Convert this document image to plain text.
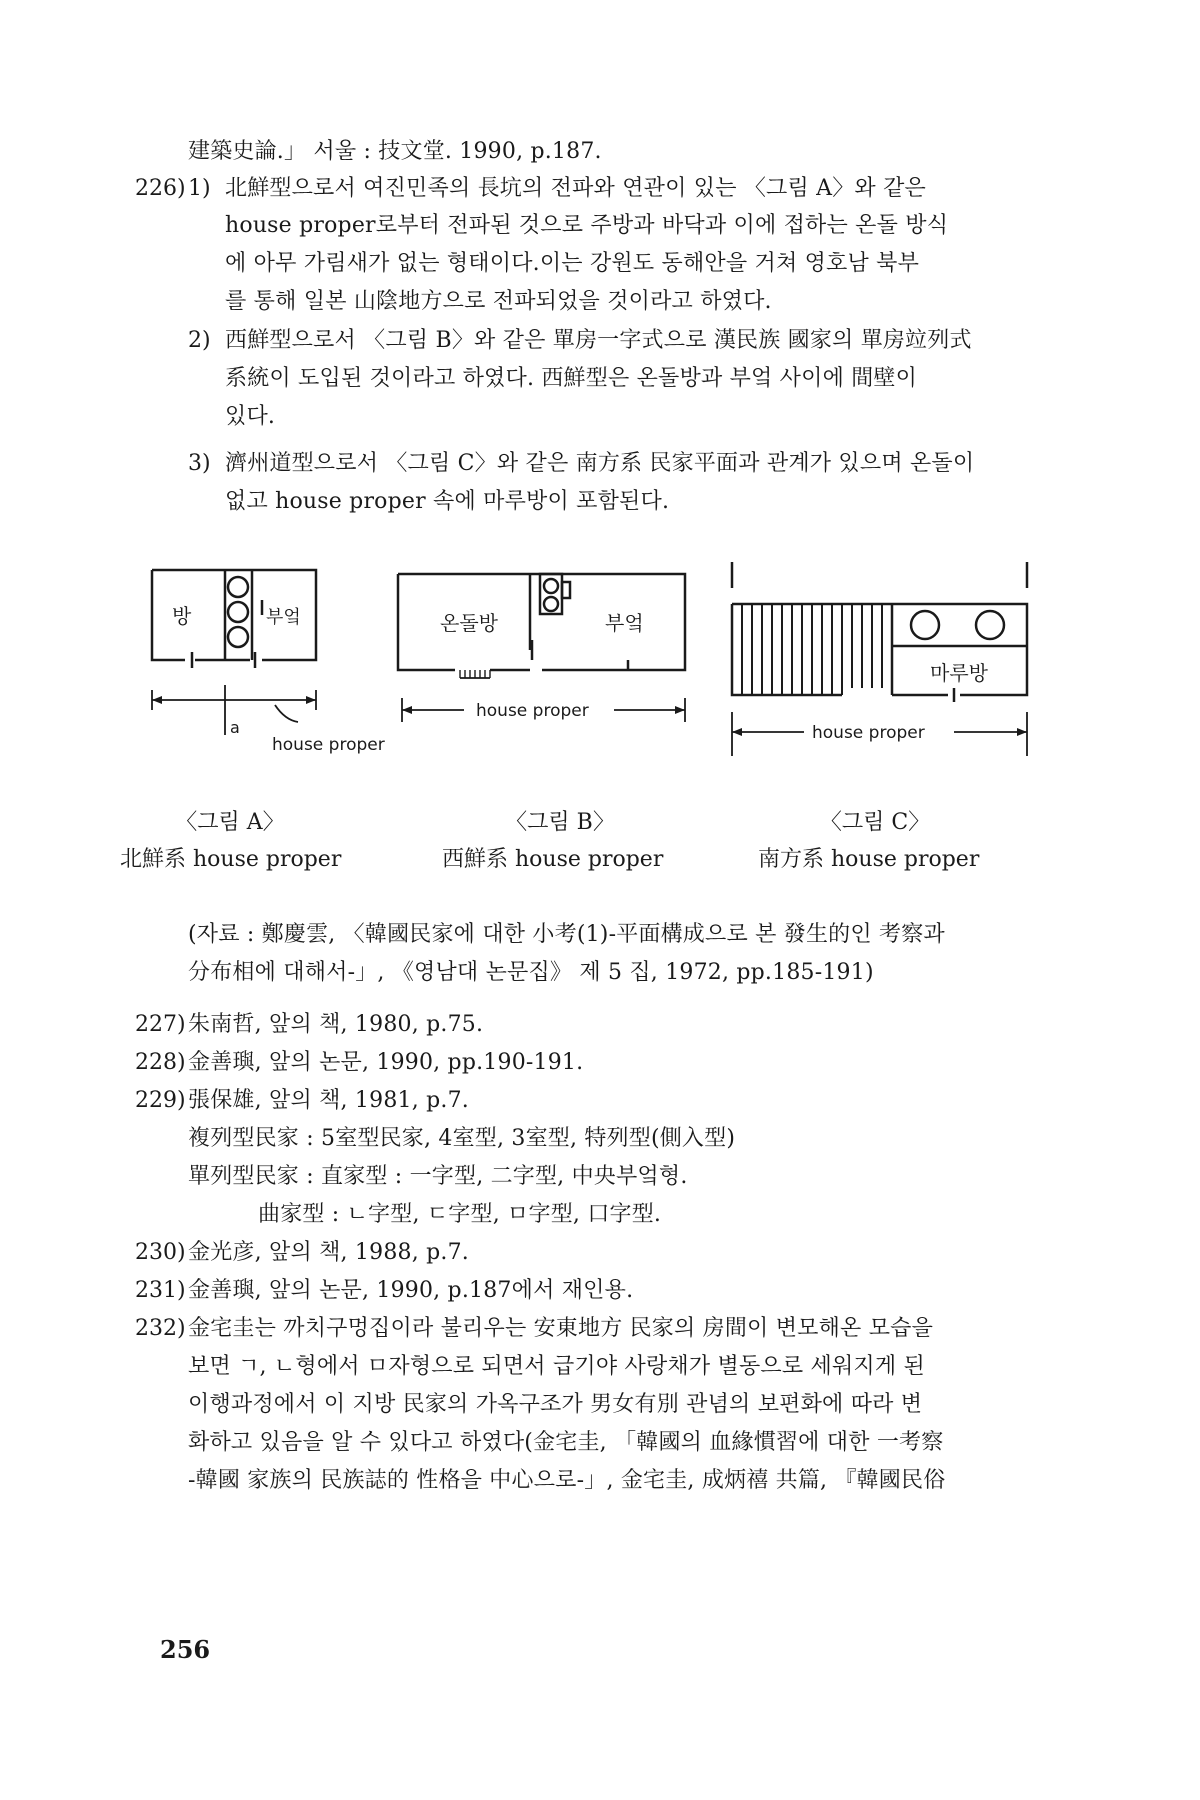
建築史論.」 서울 : 技文堂. 1990, p.187.
226) 1) 北鮮型으로서 여진민족의 長坑의 전파와 연관이 있는 〈그림 A〉와 같은
house proper로부터 전파된 것으로 주방과 바닥과 이에 접하는 온돌 방식
에 아무 가림새가 없는 형태이다.이는 강원도 동해안을 거쳐 영호남 북부
를 통해 일본 山陰地方으로 전파되었을 것이라고 하였다.
2) 西鮮型으로서 〈그림 B〉와 같은 單房一字式으로 漢民族 國家의 單房竝列式
系統이 도입된 것이라고 하였다. 西鮮型은 온돌방과 부엌 사이에 間壁이
있다.
3) 濟州道型으로서 〈그림 C〉와 같은 南方系 民家平面과 관계가 있으며 온돌이
없고 house proper 속에 마루방이 포함된다.
방	부엌
a
house proper
온돌방	부엌
house proper
마루방
house proper
〈그림 A〉
北鮮系 house proper
〈그림 B〉
西鮮系 house proper
〈그림 C〉
南方系 house proper
(자료 : 鄭慶雲, 〈韓國民家에 대한 小考(1)-平面構成으로 본 發生的인 考察과
分布相에 대해서-」, 《영남대 논문집》 제 5 집, 1972, pp.185-191)
227) 朱南哲, 앞의 책, 1980, p.75.
228) 金善璵, 앞의 논문, 1990, pp.190-191.
229) 張保雄, 앞의 책, 1981, p.7.
複列型民家 : 5室型民家, 4室型, 3室型, 特列型(側入型)
單列型民家 : 直家型 : 一字型, 二字型, 中央부엌형.
曲家型 : ㄴ字型, ㄷ字型, ㅁ字型, 口字型.
230) 金光彦, 앞의 책, 1988, p.7.
231) 金善璵, 앞의 논문, 1990, p.187에서 재인용.
232) 金宅圭는 까치구멍집이라 불리우는 安東地方 民家의 房間이 변모해온 모습을
보면 ㄱ, ㄴ형에서 ㅁ자형으로 되면서 급기야 사랑채가 별동으로 세워지게 된
이행과정에서 이 지방 民家의 가옥구조가 男女有別 관념의 보편화에 따라 변
화하고 있음을 알 수 있다고 하였다(金宅圭, 「韓國의 血緣慣習에 대한 一考察
-韓國 家族의 民族誌的 性格을 中心으로-」, 金宅圭, 成炳禧 共篇, 『韓國民俗
256
